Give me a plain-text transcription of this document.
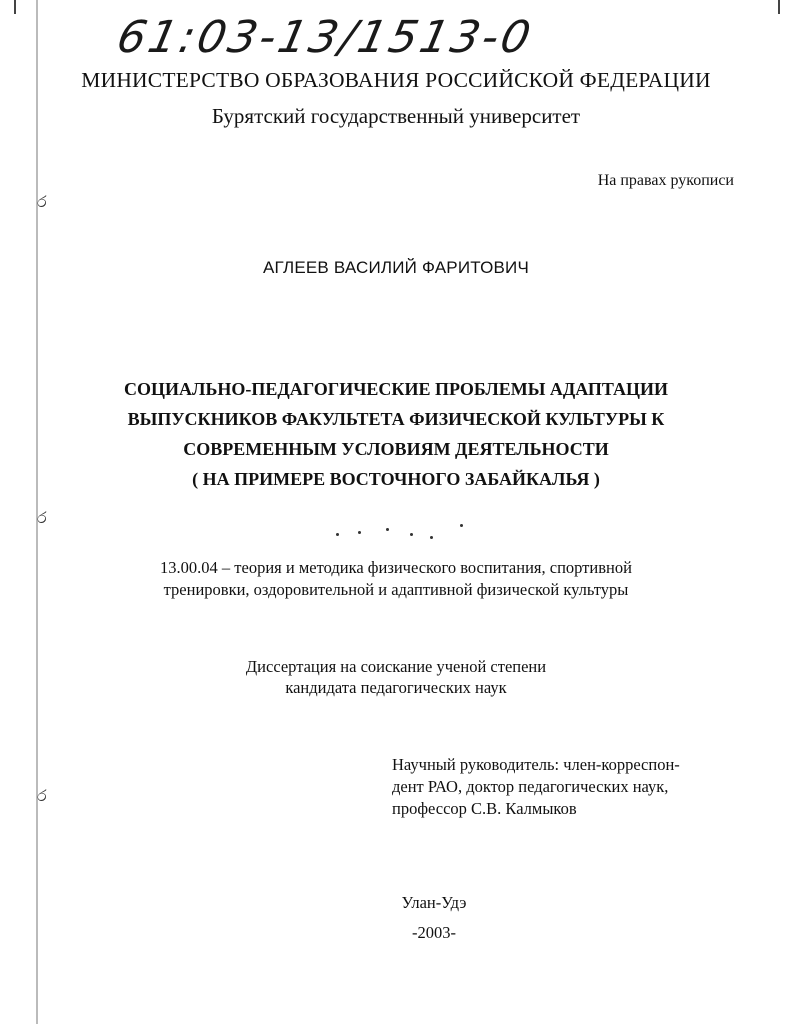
ර
ර
ර
61:03-13/1513-0
МИНИСТЕРСТВО ОБРАЗОВАНИЯ РОССИЙСКОЙ ФЕДЕРАЦИИ
Бурятский государственный университет
На правах рукописи
АГЛЕЕВ ВАСИЛИЙ ФАРИТОВИЧ
СОЦИАЛЬНО-ПЕДАГОГИЧЕСКИЕ ПРОБЛЕМЫ АДАПТАЦИИ
ВЫПУСКНИКОВ ФАКУЛЬТЕТА ФИЗИЧЕСКОЙ КУЛЬТУРЫ К
СОВРЕМЕННЫМ УСЛОВИЯМ ДЕЯТЕЛЬНОСТИ
( НА ПРИМЕРЕ ВОСТОЧНОГО ЗАБАЙКАЛЬЯ )
13.00.04 – теория и методика физического воспитания, спортивной
тренировки, оздоровительной и адаптивной физической культуры
Диссертация на соискание ученой степени
кандидата педагогических наук
Научный руководитель: член-корреспон-
дент РАО, доктор педагогических наук,
профессор С.В. Калмыков
Улан-Удэ
-2003-
